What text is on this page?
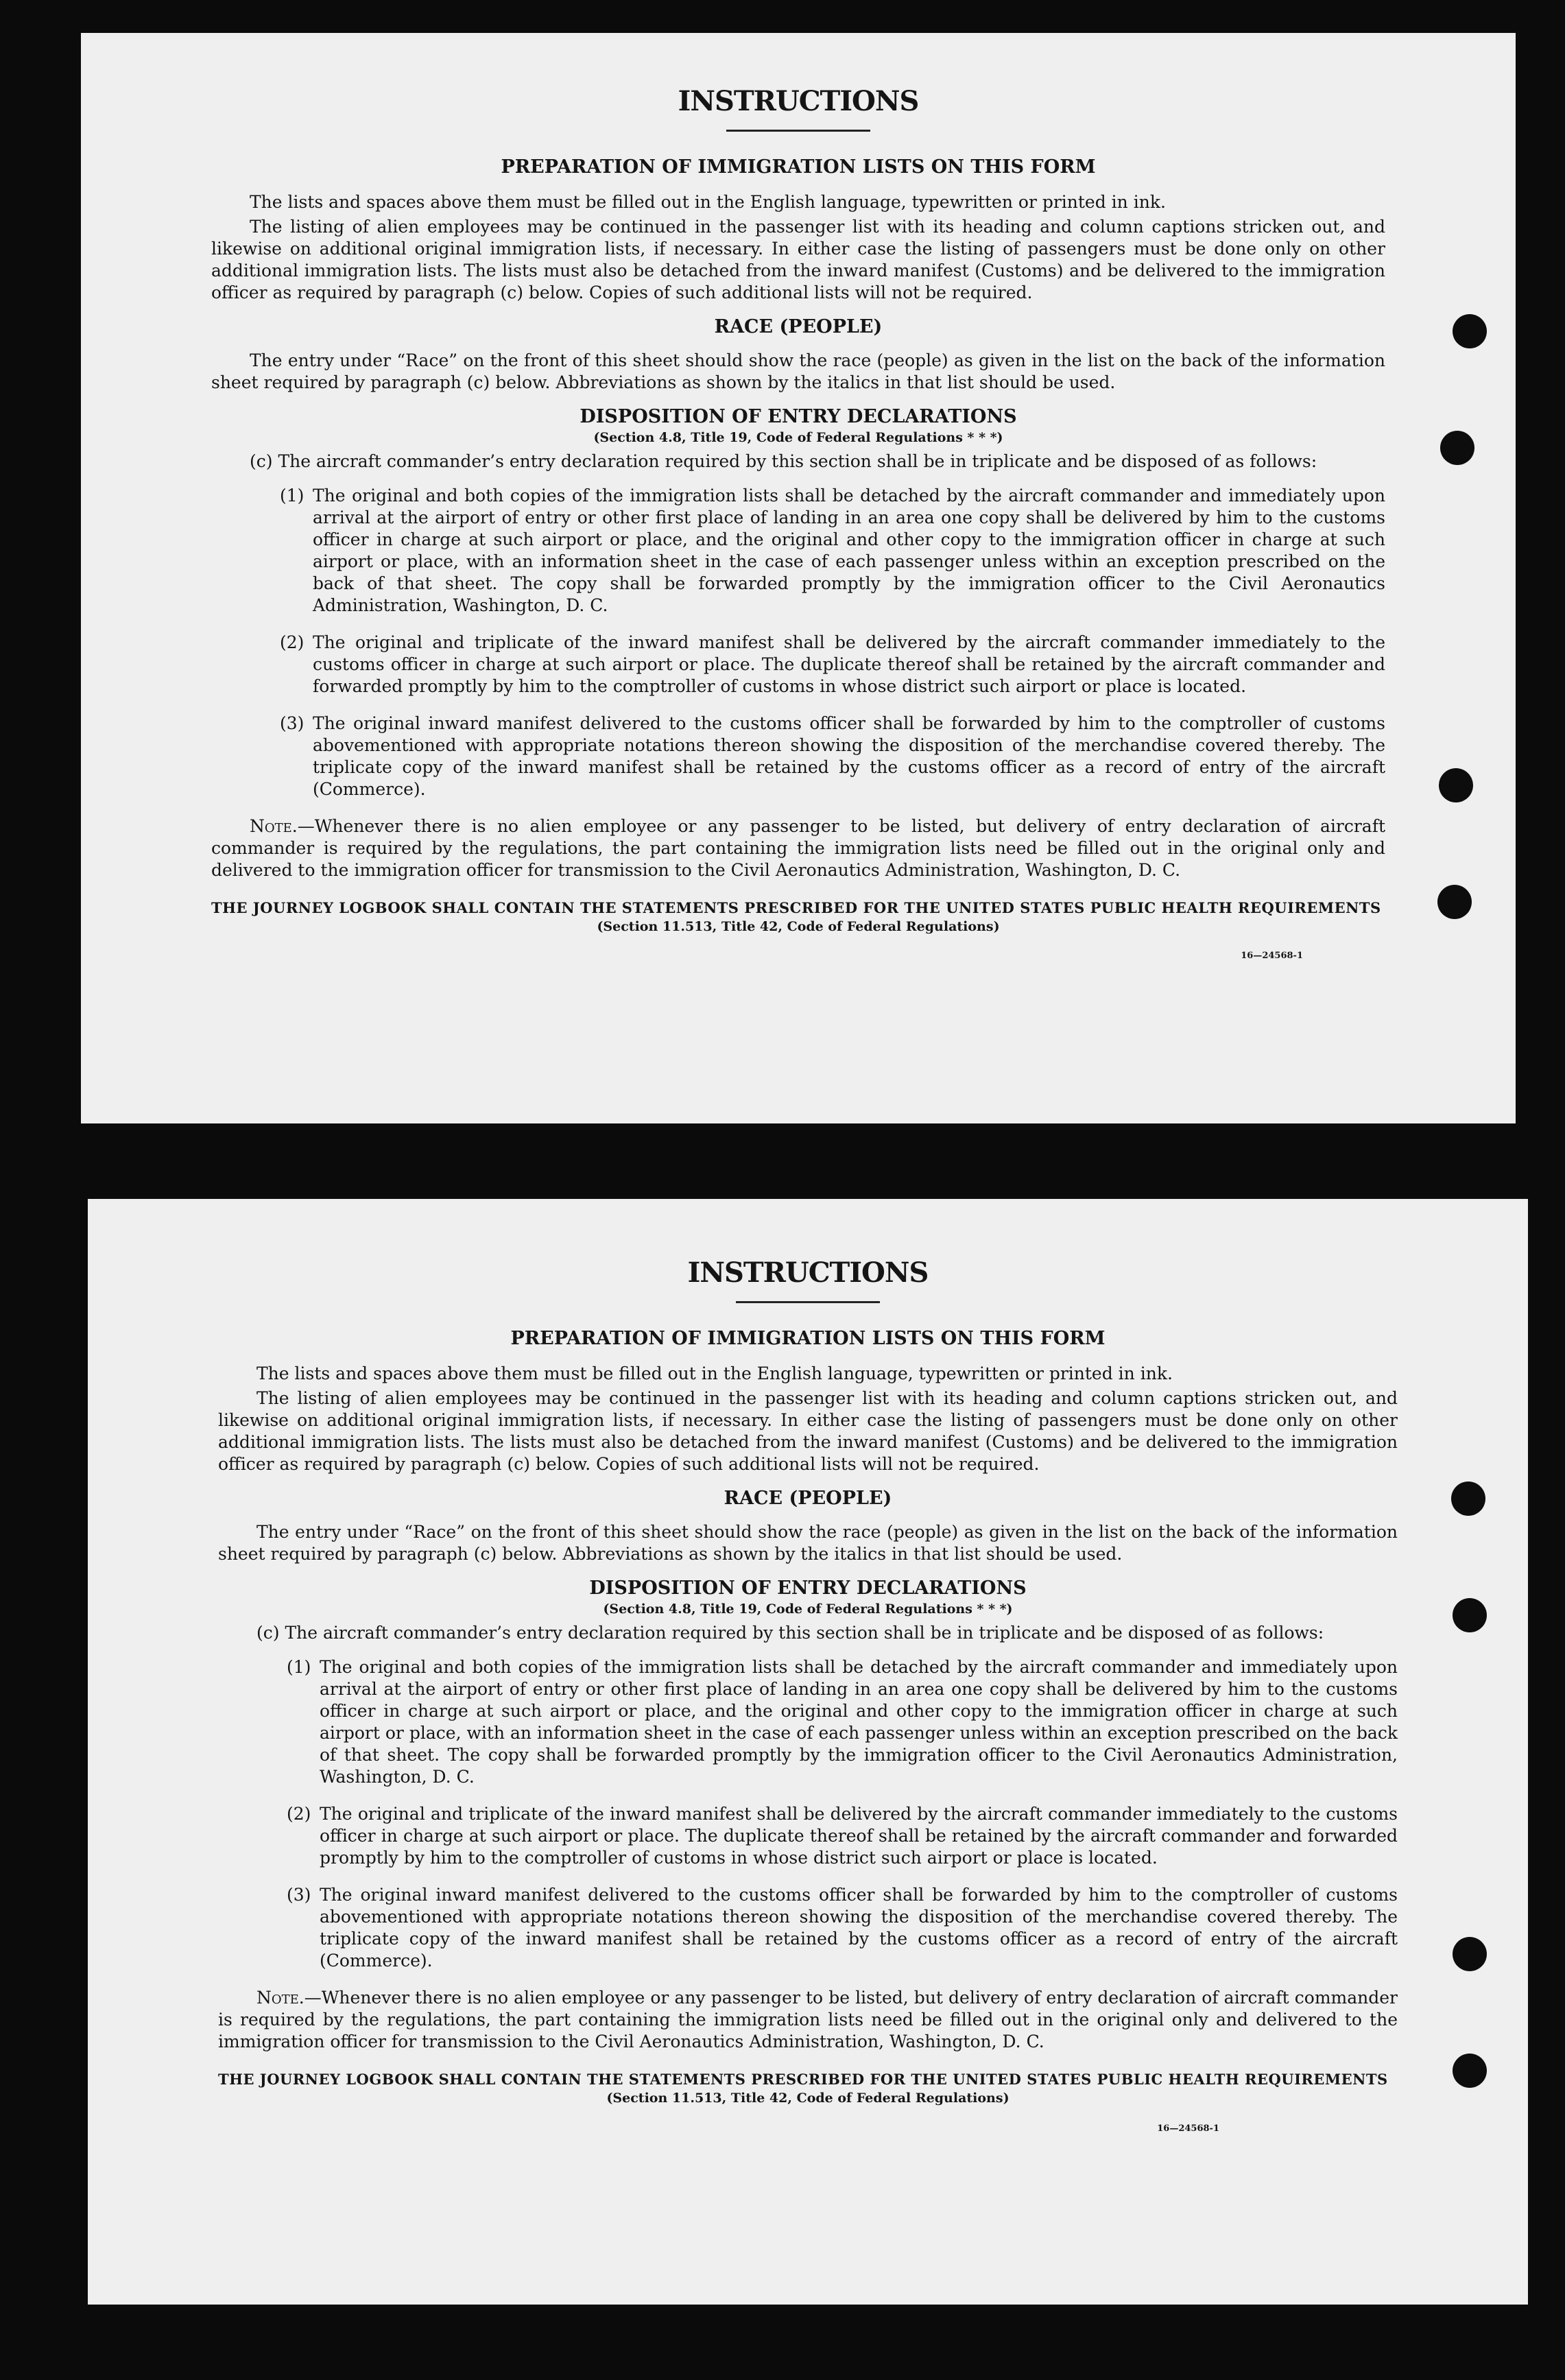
INSTRUCTIONS
PREPARATION OF IMMIGRATION LISTS ON THIS FORM

The lists and spaces above them must be filled out in the English language, typewritten or printed in ink.

The listing of alien employees may be continued in the passenger list with its heading and column captions stricken out, and likewise on additional original immigration lists, if necessary. In either case the listing of passengers must be done only on other additional immigration lists. The lists must also be detached from the inward manifest (Customs) and be delivered to the immigration officer as required by paragraph (c) below. Copies of such additional lists will not be required.

RACE (PEOPLE)

The entry under “Race” on the front of this sheet should show the race (people) as given in the list on the back of the information sheet required by paragraph (c) below. Abbreviations as shown by the italics in that list should be used.

DISPOSITION OF ENTRY DECLARATIONS
(Section 4.8, Title 19, Code of Federal Regulations * * *)

(c) The aircraft commander’s entry declaration required by this section shall be in triplicate and be disposed of as follows:

(1) The original and both copies of the immigration lists shall be detached by the aircraft commander and immediately upon arrival at the airport of entry or other first place of landing in an area one copy shall be delivered by him to the customs officer in charge at such airport or place, and the original and other copy to the immigration officer in charge at such airport or place, with an information sheet in the case of each passenger unless within an exception prescribed on the back of that sheet. The copy shall be forwarded promptly by the immigration officer to the Civil Aeronautics Administration, Washington, D. C.
(2) The original and triplicate of the inward manifest shall be delivered by the aircraft commander immediately to the customs officer in charge at such airport or place. The duplicate thereof shall be retained by the aircraft commander and forwarded promptly by him to the comptroller of customs in whose district such airport or place is located.
(3) The original inward manifest delivered to the customs officer shall be forwarded by him to the comptroller of customs abovementioned with appropriate notations thereon showing the disposition of the merchandise covered thereby. The triplicate copy of the inward manifest shall be retained by the customs officer as a record of entry of the aircraft (Commerce).

Note.—Whenever there is no alien employee or any passenger to be listed, but delivery of entry declaration of aircraft commander is required by the regulations, the part containing the immigration lists need be filled out in the original only and delivered to the immigration officer for transmission to the Civil Aeronautics Administration, Washington, D. C.

THE JOURNEY LOGBOOK SHALL CONTAIN THE STATEMENTS PRESCRIBED FOR THE UNITED STATES PUBLIC HEALTH REQUIREMENTS
(Section 11.513, Title 42, Code of Federal Regulations)
16—24568-1
INSTRUCTIONS
PREPARATION OF IMMIGRATION LISTS ON THIS FORM

The lists and spaces above them must be filled out in the English language, typewritten or printed in ink.

The listing of alien employees may be continued in the passenger list with its heading and column captions stricken out, and likewise on additional original immigration lists, if necessary. In either case the listing of passengers must be done only on other additional immigration lists. The lists must also be detached from the inward manifest (Customs) and be delivered to the immigration officer as required by paragraph (c) below. Copies of such additional lists will not be required.

RACE (PEOPLE)

The entry under “Race” on the front of this sheet should show the race (people) as given in the list on the back of the information sheet required by paragraph (c) below. Abbreviations as shown by the italics in that list should be used.

DISPOSITION OF ENTRY DECLARATIONS
(Section 4.8, Title 19, Code of Federal Regulations * * *)

(c) The aircraft commander’s entry declaration required by this section shall be in triplicate and be disposed of as follows:

(1) The original and both copies of the immigration lists shall be detached by the aircraft commander and immediately upon arrival at the airport of entry or other first place of landing in an area one copy shall be delivered by him to the customs officer in charge at such airport or place, and the original and other copy to the immigration officer in charge at such airport or place, with an information sheet in the case of each passenger unless within an exception prescribed on the back of that sheet. The copy shall be forwarded promptly by the immigration officer to the Civil Aeronautics Administration, Washington, D. C.
(2) The original and triplicate of the inward manifest shall be delivered by the aircraft commander immediately to the customs officer in charge at such airport or place. The duplicate thereof shall be retained by the aircraft commander and forwarded promptly by him to the comptroller of customs in whose district such airport or place is located.
(3) The original inward manifest delivered to the customs officer shall be forwarded by him to the comptroller of customs abovementioned with appropriate notations thereon showing the disposition of the merchandise covered thereby. The triplicate copy of the inward manifest shall be retained by the customs officer as a record of entry of the aircraft (Commerce).

Note.—Whenever there is no alien employee or any passenger to be listed, but delivery of entry declaration of aircraft commander is required by the regulations, the part containing the immigration lists need be filled out in the original only and delivered to the immigration officer for transmission to the Civil Aeronautics Administration, Washington, D. C.

THE JOURNEY LOGBOOK SHALL CONTAIN THE STATEMENTS PRESCRIBED FOR THE UNITED STATES PUBLIC HEALTH REQUIREMENTS
(Section 11.513, Title 42, Code of Federal Regulations)
16—24568-1
